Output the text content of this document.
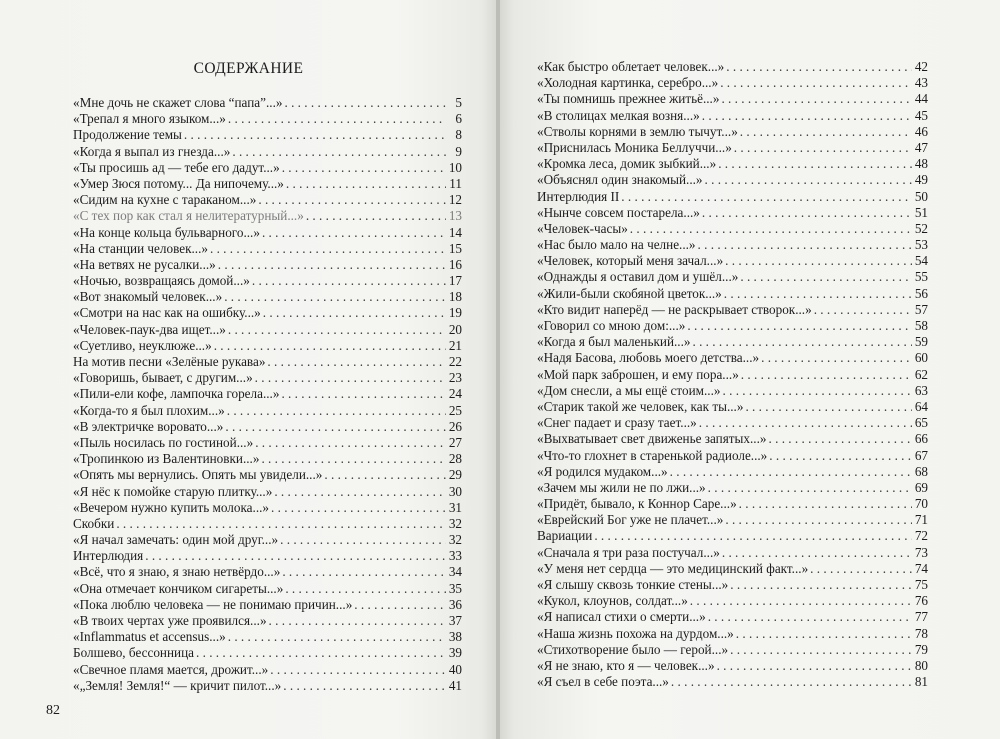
СОДЕРЖАНИЕ
«Мне дочь не скажет слова “папа”...» . . .	5
«Трепал я много языком...» . . .	6
Продолжение темы . . .	8
«Когда я выпал из гнезда...» . . .	9
«Ты просишь ад — тебе его дадут...» . . .	10
«Умер Зюся потому... Да нипочему...» . . .	11
«Сидим на кухне с тараканом...» . . .	12
«С тех пор как стал я нелитературный...» . . .	13
«На конце кольца бульварного...» . . .	14
«На станции человек...» . . .	15
«На ветвях не русалки...» . . .	16
«Ночью, возвращаясь домой...» . . .	17
«Вот знакомый человек...» . . .	18
«Смотри на нас как на ошибку...» . . .	19
«Человек-паук-два ищет...» . . .	20
«Суетливо, неуклюже...» . . .	21
На мотив песни «Зелёные рукава» . . .	22
«Говоришь, бывает, с другим...» . . .	23
«Пили-ели кофе, лампочка горела...» . . .	24
«Когда-то я был плохим...» . . .	25
«В электричке воровато...» . . .	26
«Пыль носилась по гостиной...» . . .	27
«Тропинкою из Валентиновки...» . . .	28
«Опять мы вернулись. Опять мы увидели...» . . .	29
«Я нёс к помойке старую плитку...» . . .	30
«Вечером нужно купить молока...» . . .	31
Скобки . . .	32
«Я начал замечать: один мой друг...» . . .	32
Интерлюдия . . .	33
«Всё, что я знаю, я знаю нетвёрдо...» . . .	34
«Она отмечает кончиком сигареты...» . . .	35
«Пока люблю человека — не понимаю причин...» . . .	36
«В твоих чертах уже проявился...» . . .	37
«Inflammatus et accensus...» . . .	38
Болшево, бессонница . . .	39
«Свечное пламя мается, дрожит...» . . .	40
«„Земля! Земля!“ — кричит пилот...» . . .	41
«Как быстро облетает человек...» . . .	42
«Холодная картинка, серебро...» . . .	43
«Ты помнишь прежнее житьё...» . . .	44
«В столицах мелкая возня...» . . .	45
«Стволы корнями в землю тычут...» . . .	46
«Приснилась Моника Беллуччи...» . . .	47
«Кромка леса, домик зыбкий...» . . .	48
«Объяснял один знакомый...» . . .	49
Интерлюдия II . . .	50
«Нынче совсем постарела...» . . .	51
«Человек-часы» . . .	52
«Нас было мало на челне...» . . .	53
«Человек, который меня зачал...» . . .	54
«Однажды я оставил дом и ушёл...» . . .	55
«Жили-были скобяной цветок...» . . .	56
«Кто видит наперёд — не раскрывает створок...» . . .	57
«Говорил со мною дом:...» . . .	58
«Когда я был маленький...» . . .	59
«Надя Басова, любовь моего детства...» . . .	60
«Мой парк заброшен, и ему пора...» . . .	62
«Дом снесли, а мы ещё стоим...» . . .	63
«Старик такой же человек, как ты...» . . .	64
«Снег падает и сразу тает...» . . .	65
«Выхватывает свет движенье запятых...» . . .	66
«Что-то глохнет в старенькой радиоле...» . . .	67
«Я родился мудаком...» . . .	68
«Зачем мы жили не по лжи...» . . .	69
«Придёт, бывало, к Коннор Саре...» . . .	70
«Еврейский Бог уже не плачет...» . . .	71
Вариации . . .	72
«Сначала я три раза постучал...» . . .	73
«У меня нет сердца — это медицинский факт...» . . .	74
«Я слышу сквозь тонкие стены...» . . .	75
«Кукол, клоунов, солдат...» . . .	76
«Я написал стихи о смерти...» . . .	77
«Наша жизнь похожа на дурдом...» . . .	78
«Стихотворение было — герой...» . . .	79
«Я не знаю, кто я — человек...» . . .	80
«Я съел в себе поэта...» . . .	81
82
